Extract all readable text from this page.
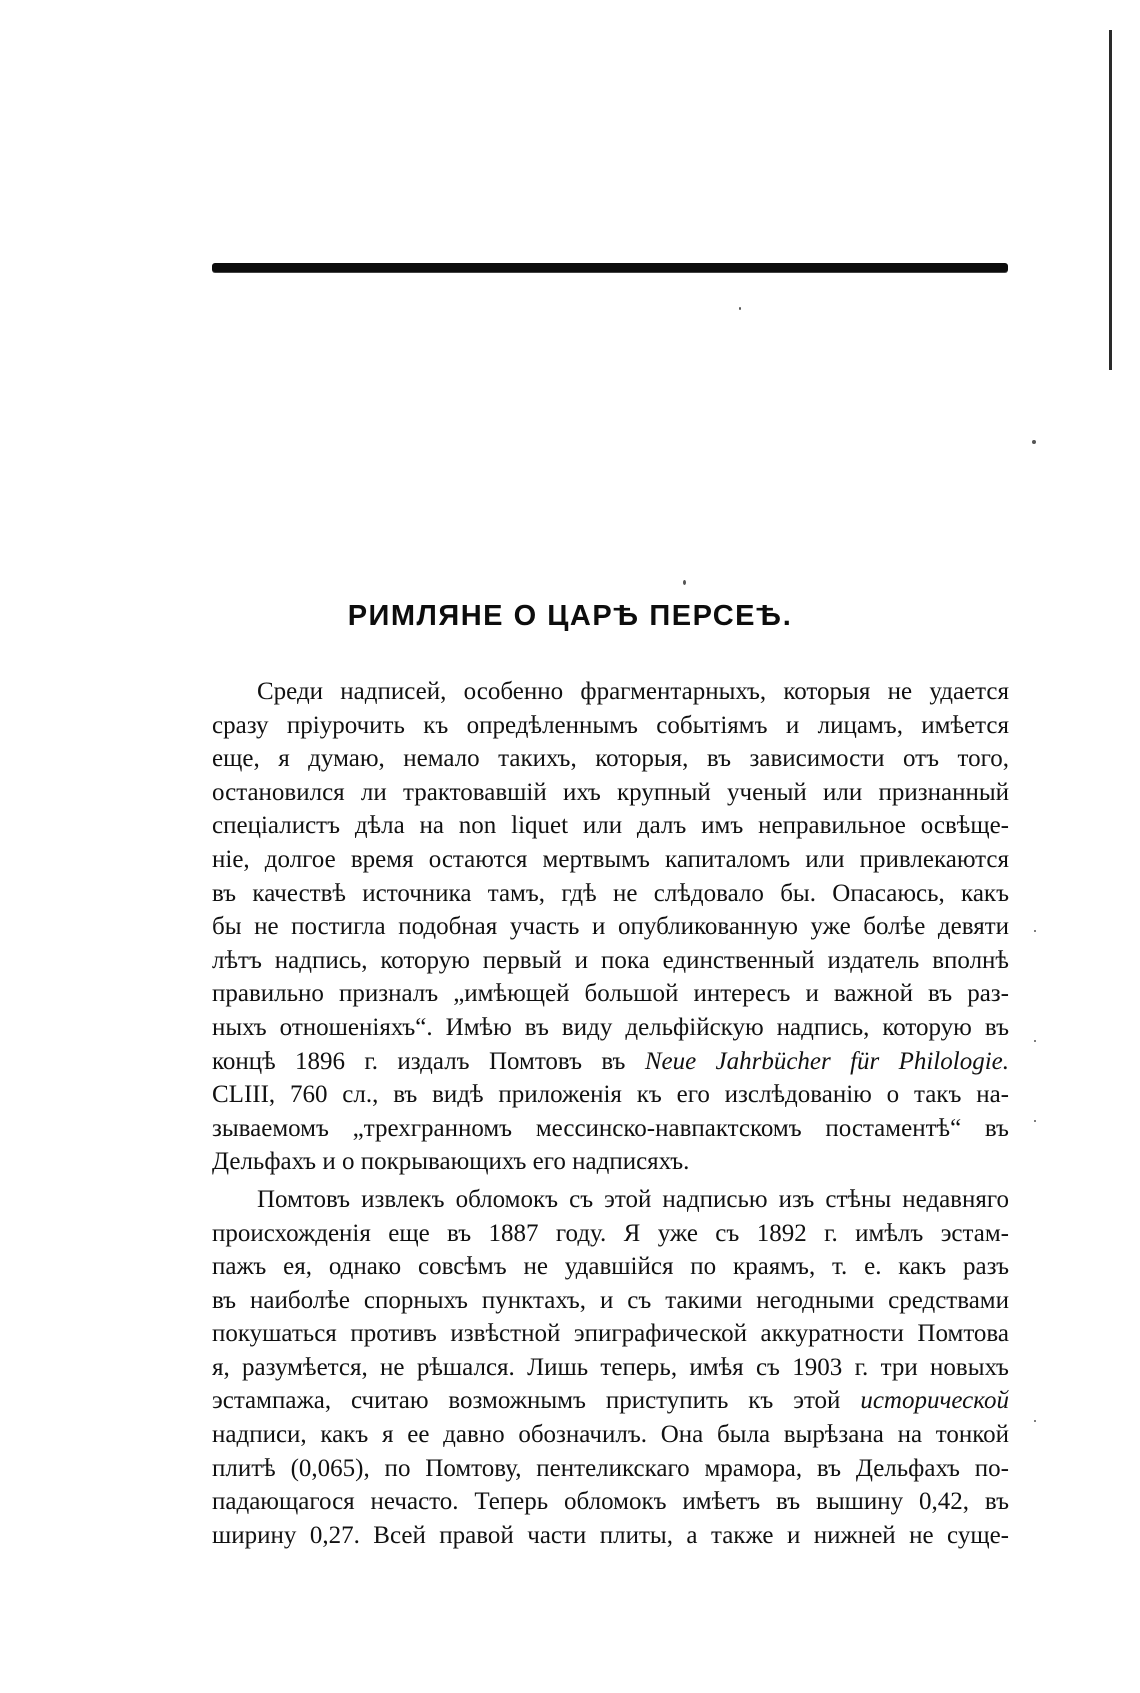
РИМЛЯНЕ О ЦАРѢ ПЕРСЕѢ.
Среди надписей, особенно фрагментарныхъ, которыя не удается
сразу пріурочить къ опредѣленнымъ событіямъ и лицамъ, имѣется
еще, я думаю, немало такихъ, которыя, въ зависимости отъ того,
остановился ли трактовавшій ихъ крупный ученый или признанный
спеціалистъ дѣла на non liquet или далъ имъ неправильное освѣще-
ніе, долгое время остаются мертвымъ капиталомъ или привлекаются
въ качествѣ источника тамъ, гдѣ не слѣдовало бы. Опасаюсь, какъ
бы не постигла подобная участь и опубликованную уже болѣе девяти
лѣтъ надпись, которую первый и пока единственный издатель вполнѣ
правильно призналъ „имѣющей большой интересъ и важной въ раз-
ныхъ отношеніяхъ“. Имѣю въ виду дельфійскую надпись, которую въ
концѣ 1896 г. издалъ Помтовъ въ Neue Jahrbücher für Philologie.
CLIII, 760 сл., въ видѣ приложенія къ его изслѣдованію о такъ на-
зываемомъ „трехгранномъ мессинско-навпактскомъ постаментѣ“ въ
Дельфахъ и о покрывающихъ его надписяхъ.
Помтовъ извлекъ обломокъ съ этой надписью изъ стѣны недавняго
происхожденія еще въ 1887 году. Я уже съ 1892 г. имѣлъ эстам-
пажъ ея, однако совсѣмъ не удавшійся по краямъ, т. е. какъ разъ
въ наиболѣе спорныхъ пунктахъ, и съ такими негодными средствами
покушаться противъ извѣстной эпиграфической аккуратности Помтова
я, разумѣется, не рѣшался. Лишь теперь, имѣя съ 1903 г. три новыхъ
эстампажа, считаю возможнымъ приступить къ этой исторической
надписи, какъ я ее давно обозначилъ. Она была вырѣзана на тонкой
плитѣ (0,065), по Помтову, пентеликскаго мрамора, въ Дельфахъ по-
падающагося нечасто. Теперь обломокъ имѣетъ въ вышину 0,42, въ
ширину 0,27. Всей правой части плиты, а также и нижней не суще-
